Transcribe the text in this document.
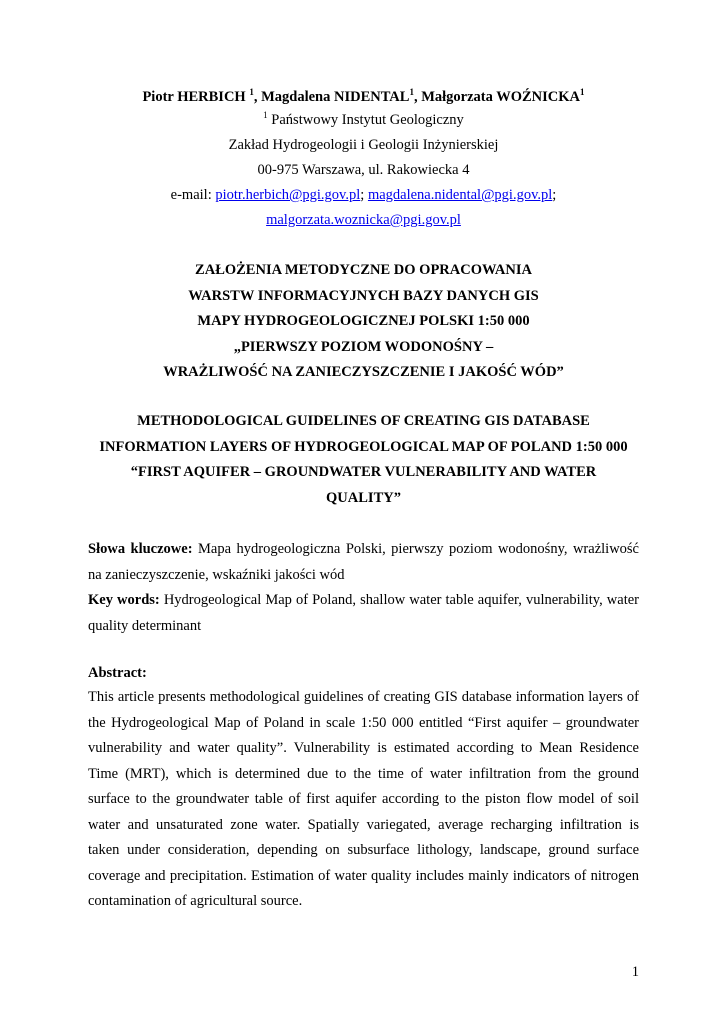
Piotr HERBICH $^1$, Magdalena NIDENTAL$^1$, Małgorzata WOŹNICKA$^1$
$^1$ Państwowy Instytut Geologiczny
Zakład Hydrogeologii i Geologii Inżynierskiej
00-975 Warszawa, ul. Rakowiecka 4
e-mail: piotr.herbich@pgi.gov.pl; magdalena.nidental@pgi.gov.pl;
malgorzata.woznicka@pgi.gov.pl
ZAŁOŻENIA METODYCZNE DO OPRACOWANIA
WARSTW INFORMACYJNYCH BAZY DANYCH GIS
MAPY HYDROGEOLOGICZNEJ POLSKI 1:50 000
„PIERWSZY POZIOM WODONOŚNY –
WRAŻLIWOŚĆ NA ZANIECZYSZCZENIE I JAKOŚĆ WÓD”
METHODOLOGICAL GUIDELINES OF CREATING GIS DATABASE
INFORMATION LAYERS OF HYDROGEOLOGICAL MAP OF POLAND 1:50 000
“FIRST AQUIFER – GROUNDWATER VULNERABILITY AND WATER
QUALITY”
Słowa kluczowe: Mapa hydrogeologiczna Polski, pierwszy poziom wodonośny, wrażliwość na zanieczyszczenie, wskaźniki jakości wód
Key words: Hydrogeological Map of Poland, shallow water table aquifer, vulnerability, water quality determinant
Abstract:
This article presents methodological guidelines of creating GIS database information layers of
the Hydrogeological Map of Poland in scale 1:50 000 entitled “First aquifer – groundwater
vulnerability and water quality”. Vulnerability is estimated according to Mean Residence
Time (MRT), which is determined due to the time of water infiltration from the ground
surface to the groundwater table of first aquifer according to the piston flow model of soil
water and unsaturated zone water. Spatially variegated, average recharging infiltration is
taken under consideration, depending on subsurface lithology, landscape, ground surface
coverage and precipitation. Estimation of water quality includes mainly indicators of nitrogen
contamination of agricultural source.
1
